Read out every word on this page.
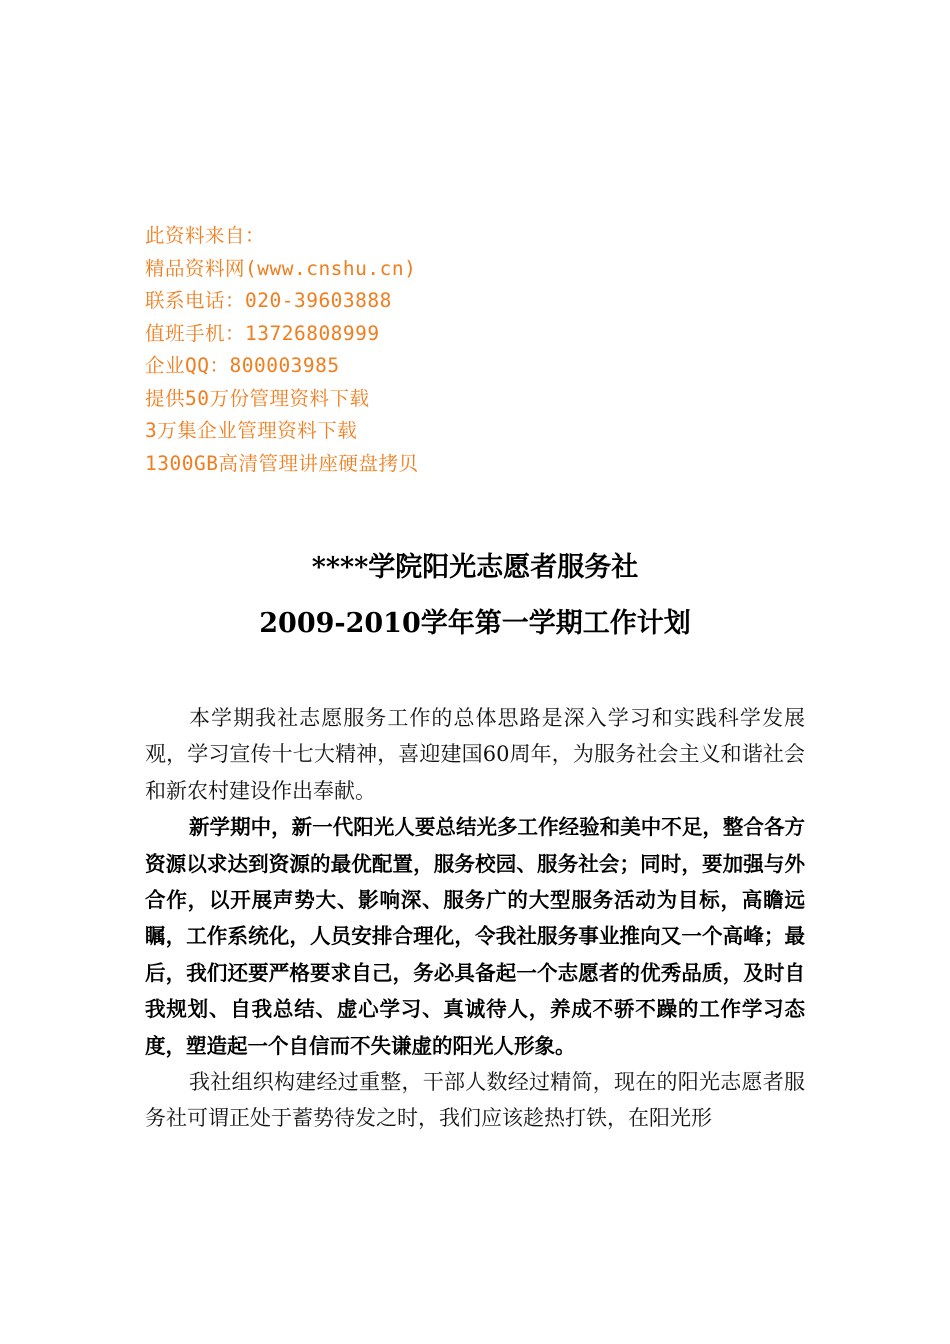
此资料来自：
精品资料网(www.cnshu.cn)
联系电话：020-39603888
值班手机：13726808999
企业QQ：800003985
提供50万份管理资料下载
3万集企业管理资料下载
1300GB高清管理讲座硬盘拷贝
****学院阳光志愿者服务社
2009-2010学年第一学期工作计划

本学期我社志愿服务工作的总体思路是深入学习和实践科学发展观，学习宣传十七大精神，喜迎建国60周年，为服务社会主义和谐社会和新农村建设作出奉献。

新学期中，新一代阳光人要总结光多工作经验和美中不足，整合各方资源以求达到资源的最优配置，服务校园、服务社会；同时，要加强与外合作，以开展声势大、影响深、服务广的大型服务活动为目标，高瞻远瞩，工作系统化，人员安排合理化，令我社服务事业推向又一个高峰；最后，我们还要严格要求自己，务必具备起一个志愿者的优秀品质，及时自我规划、自我总结、虚心学习、真诚待人，养成不骄不躁的工作学习态度，塑造起一个自信而不失谦虚的阳光人形象。

我社组织构建经过重整，干部人数经过精简，现在的阳光志愿者服务社可谓正处于蓄势待发之时，我们应该趁热打铁，在阳光形
